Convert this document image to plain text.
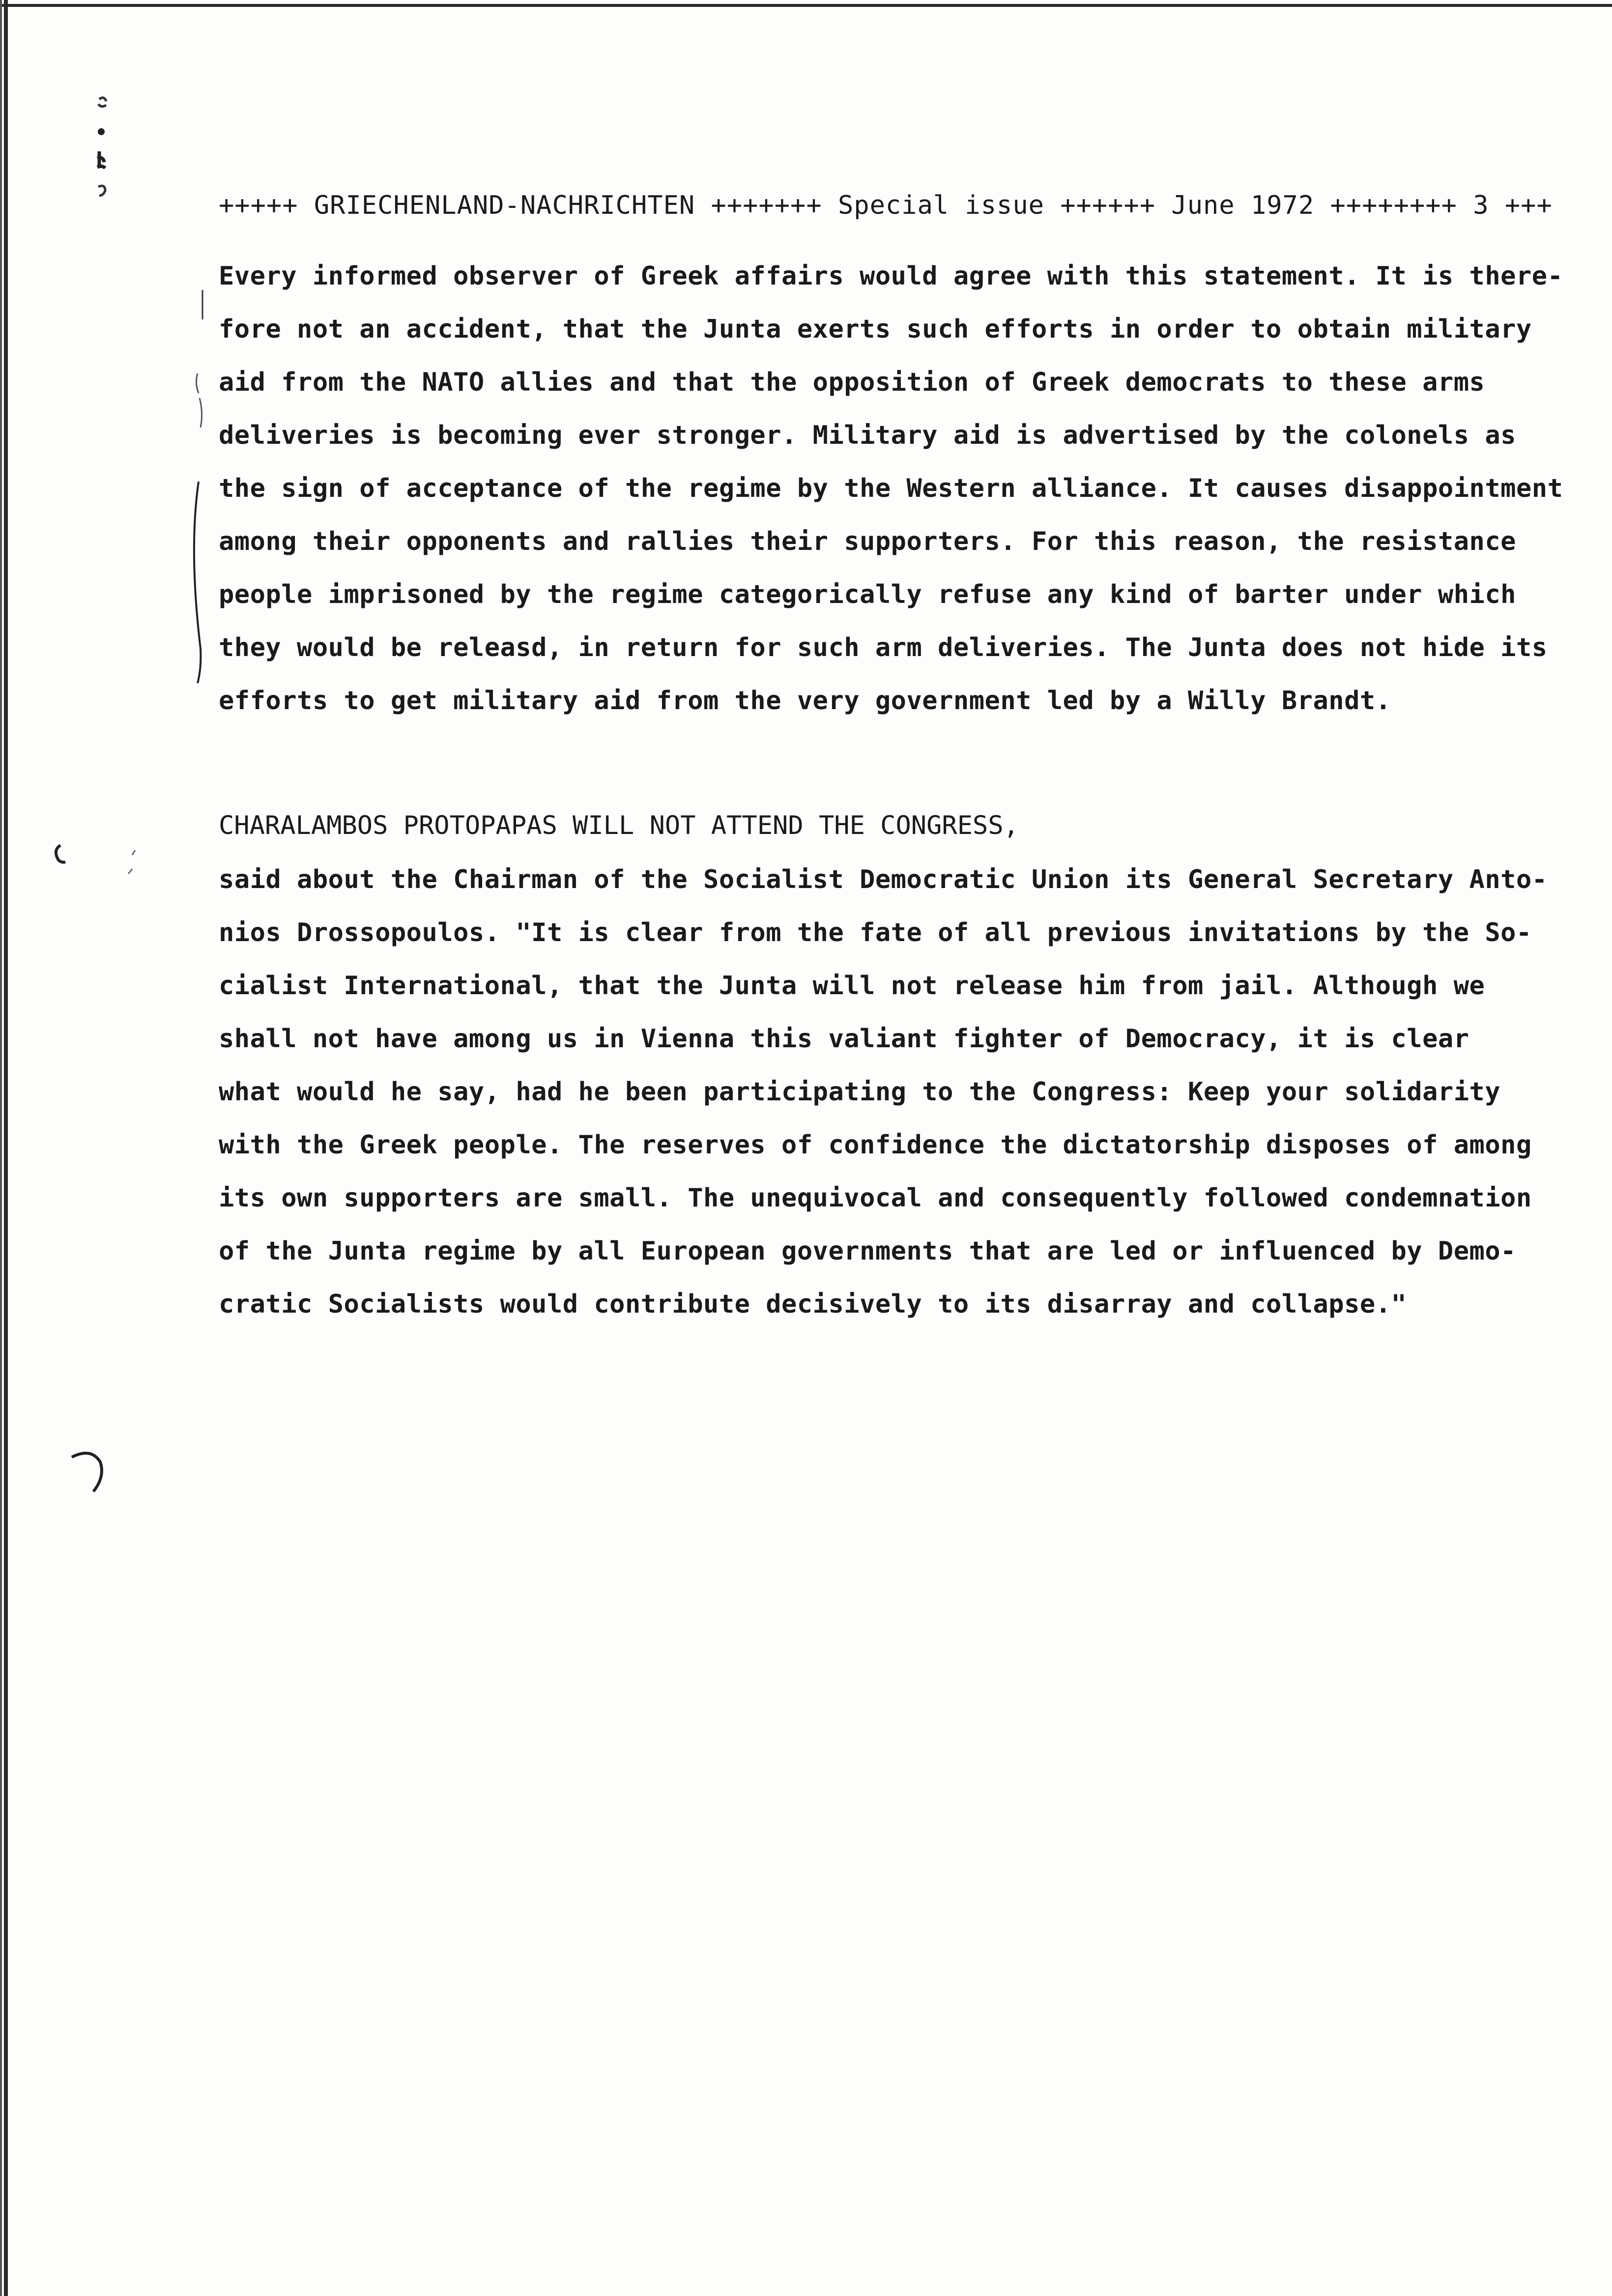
+++++ GRIECHENLAND-NACHRICHTEN +++++++ Special issue ++++++ June 1972 ++++++++ 3 +++
Every informed observer of Greek affairs would agree with this statement. It is there-
fore not an accident, that the Junta exerts such efforts in order to obtain military
aid from the NATO allies and that the opposition of Greek democrats to these arms
deliveries is becoming ever stronger. Military aid is advertised by the colonels as
the sign of acceptance of the regime by the Western alliance. It causes disappointment
among their opponents and rallies their supporters. For this reason, the resistance
people imprisoned by the regime categorically refuse any kind of barter under which
they would be releasd, in return for such arm deliveries. The Junta does not hide its
efforts to get military aid from the very government led by a Willy Brandt.
CHARALAMBOS PROTOPAPAS WILL NOT ATTEND THE CONGRESS,
said about the Chairman of the Socialist Democratic Union its General Secretary Anto-
nios Drossopoulos. "It is clear from the fate of all previous invitations by the So-
cialist International, that the Junta will not release him from jail. Although we
shall not have among us in Vienna this valiant fighter of Democracy, it is clear
what would he say, had he been participating to the Congress: Keep your solidarity
with the Greek people. The reserves of confidence the dictatorship disposes of among
its own supporters are small. The unequivocal and consequently followed condemnation
of the Junta regime by all European governments that are led or influenced by Demo-
cratic Socialists would contribute decisively to its disarray and collapse."
